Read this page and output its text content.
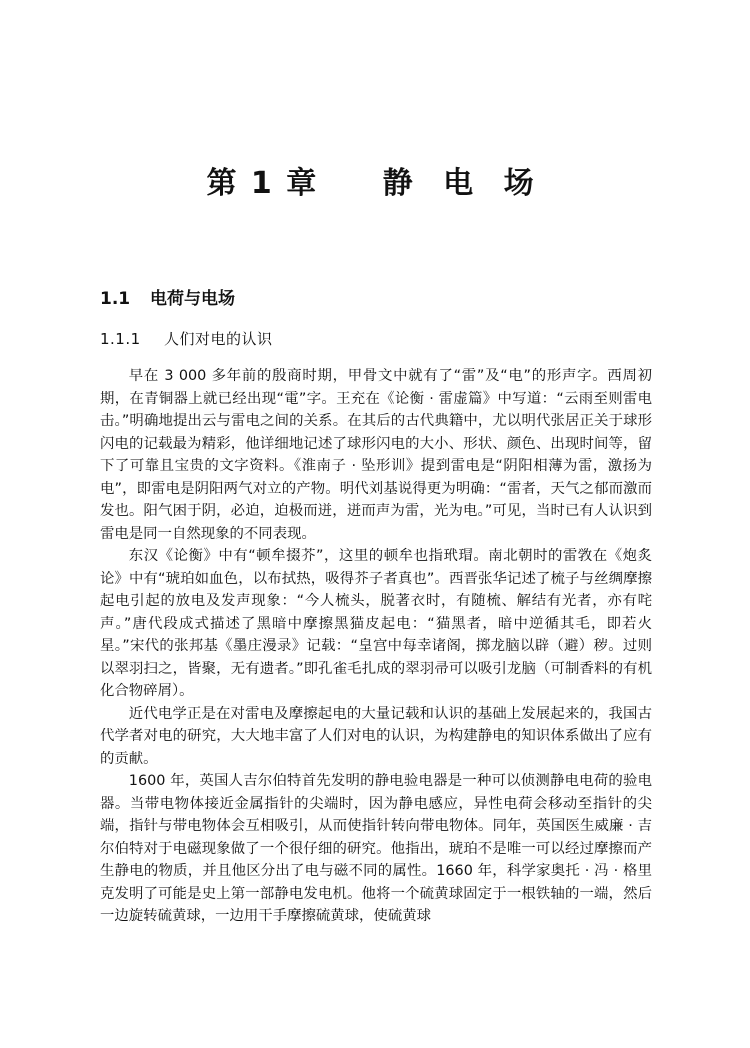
第 1 章 静 电 场
1.1 电荷与电场
1.1.1 人们对电的认识

早在 3 000 多年前的殷商时期，甲骨文中就有了“雷”及“电”的形声字。西周初期，在青铜器上就已经出现“電”字。王充在《论衡 · 雷虚篇》中写道：“云雨至则雷电击。”明确地提出云与雷电之间的关系。在其后的古代典籍中，尤以明代张居正关于球形闪电的记载最为精彩，他详细地记述了球形闪电的大小、形状、颜色、出现时间等，留下了可靠且宝贵的文字资料。《淮南子 · 坠形训》提到雷电是“阴阳相薄为雷，激扬为电”，即雷电是阴阳两气对立的产物。明代刘基说得更为明确：“雷者，天气之郁而激而发也。阳气困于阴，必迫，迫极而迸，迸而声为雷，光为电。”可见，当时已有人认识到雷电是同一自然现象的不同表现。

东汉《论衡》中有“顿牟掇芥”，这里的顿牟也指玳瑁。南北朝时的雷敩在《炮炙论》中有“琥珀如血色，以布拭热，吸得芥子者真也”。西晋张华记述了梳子与丝绸摩擦起电引起的放电及发声现象：“今人梳头，脱著衣时，有随梳、解结有光者，亦有咤声。”唐代段成式描述了黑暗中摩擦黑猫皮起电：“猫黑者，暗中逆循其毛，即若火星。”宋代的张邦基《墨庄漫录》记载：“皇宫中每幸诸阁，掷龙脑以辟（避）秽。过则以翠羽扫之，皆聚，无有遗者。”即孔雀毛扎成的翠羽帚可以吸引龙脑（可制香料的有机化合物碎屑）。

近代电学正是在对雷电及摩擦起电的大量记载和认识的基础上发展起来的，我国古代学者对电的研究，大大地丰富了人们对电的认识，为构建静电的知识体系做出了应有的贡献。

1600 年，英国人吉尔伯特首先发明的静电验电器是一种可以侦测静电电荷的验电器。当带电物体接近金属指针的尖端时，因为静电感应，异性电荷会移动至指针的尖端，指针与带电物体会互相吸引，从而使指针转向带电物体。同年，英国医生威廉 · 吉尔伯特对于电磁现象做了一个很仔细的研究。他指出，琥珀不是唯一可以经过摩擦而产生静电的物质，并且他区分出了电与磁不同的属性。1660 年，科学家奥托 · 冯 · 格里克发明了可能是史上第一部静电发电机。他将一个硫黄球固定于一根铁轴的一端，然后一边旋转硫黄球，一边用干手摩擦硫黄球，使硫黄球
